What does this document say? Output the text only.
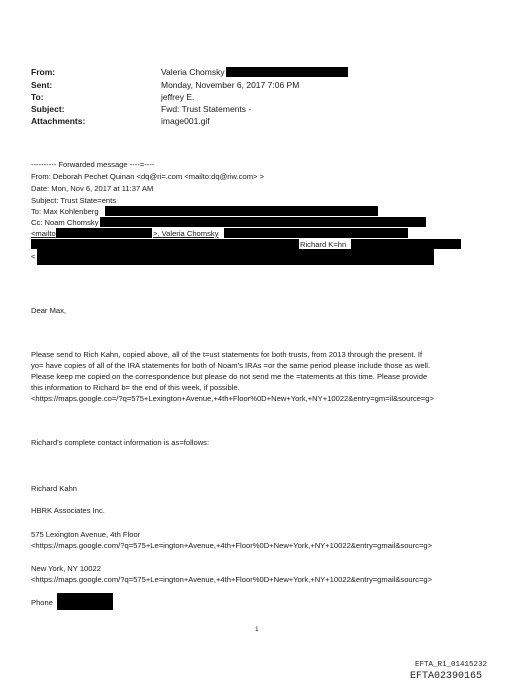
From:	Valeria Chomsky
Sent:	Monday, November 6, 2017 7:06 PM
To:	jeffrey E.
Subject:	Fwd: Trust Statements -
Attachments:	image001.gif
---------- Forwarded message ----=----
From: Deborah Pechet Quinan <dq@ri=.com <mailto:dq@riw.com> >
Date: Mon, Nov 6, 2017 at 11:37 AM
Subject: Trust State=ents
To: Max Kohlenberg
Cc: Noam Chomsky
<mailto	>, Valeria Chomsky
Richard K=hn
<
Dear Max,
Please send to Rich Kahn, copied above, all of the t=ust statements for both trusts, from 2013 through the present. If
yo= have copies of all of the IRA statements for both of Noam's IRAs =or the same period please include those as well.
Please keep me copied on the correspondence but please do not send me the =tatements at this time. Please provide
this information to Richard b= the end of this week, if possible.
<https://maps.google.co=/?q=575+Lexington+Avenue,+4th+Floor%0D+New+York,+NY+10022&entry=gm=il&source=g>
Richard's complete contact information is as=follows:
Richard Kahn
HBRK Associates Inc.
575 Lexington Avenue, 4th Floor
<https://maps.google.com/?q=575+Le=ington+Avenue,+4th+Floor%0D+New+York,+NY+10022&entry=gmail&sourc=g>
New York, NY 10022
<https://maps.google.com/?q=575+Le=ington+Avenue,+4th+Floor%0D+New+York,+NY+10022&entry=gmail&sourc=g>
Phone
1
EFTA_R1_01415232
EFTA02390165
